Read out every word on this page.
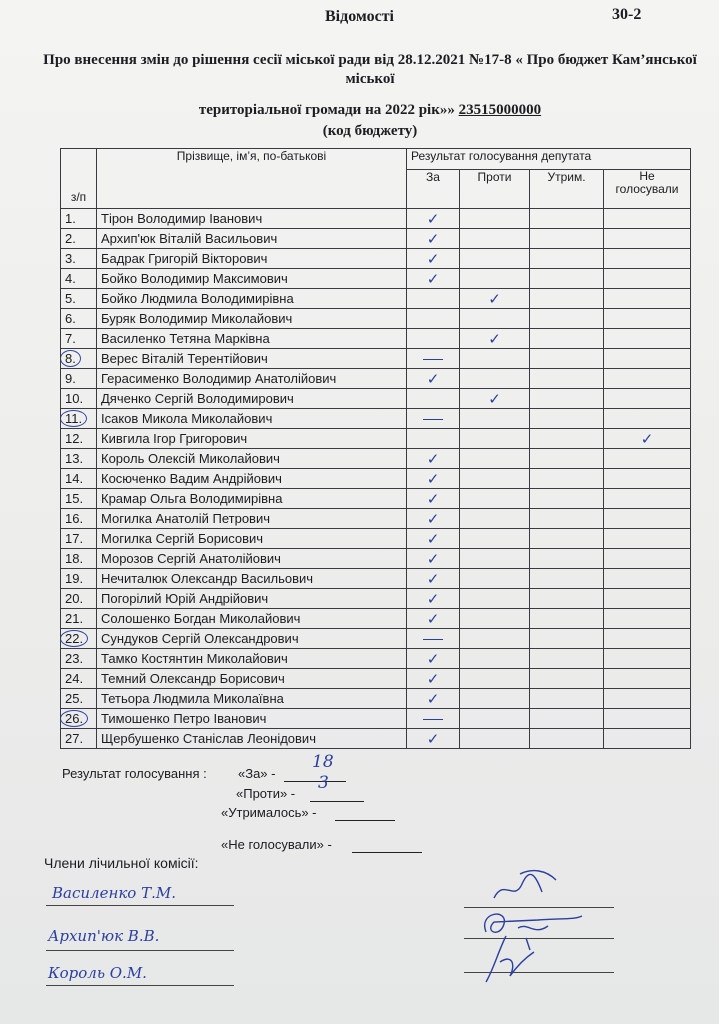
Відомості	30-2
Про внесення змін до рішення сесії міської ради від 28.12.2021 №17-8 « Про бюджет Кам’янської міської
територіальної громади на 2022 рік»» 23515000000
(код бюджету)
з/п	Прізвище, ім’я, по-батькові	Результат голосування депутата			
		За	Проти	Утрим.	Не голосували
1.	Тірон Володимир Іванович	✓			
2.	Архип'юк Віталій Васильович	✓			
3.	Бадрак Григорій Вікторович	✓			
4.	Бойко Володимир Максимович	✓			
5.	Бойко Людмила Володимирівна		✓		
6.	Буряк Володимир Миколайович				
7.	Василенко Тетяна Марківна		✓		
8.	Верес Віталій Терентійович				
9.	Герасименко Володимир Анатолійович	✓			
10.	Дяченко Сергій Володимирович		✓		
11.	Ісаков Микола Миколайович				
12.	Кивгила Ігор Григорович				✓
13.	Король Олексій Миколайович	✓			
14.	Косюченко Вадим Андрійович	✓			
15.	Крамар Ольга Володимирівна	✓			
16.	Могилка Анатолій Петрович	✓			
17.	Могилка Сергій Борисович	✓			
18.	Морозов Сергій Анатолійович	✓			
19.	Нечиталюк Олександр Васильович	✓			
20.	Погорілий Юрій Андрійович	✓			
21.	Солошенко Богдан Миколайович	✓			
22.	Сундуков Сергій Олександрович				
23.	Тамко Костянтин Миколайович	✓			
24.	Темний Олександр Борисович	✓			
25.	Тетьора Людмила Миколаївна	✓			
26.	Тимошенко Петро Іванович				
27.	Щербушенко Станіслав Леонідович	✓			
Результат голосування : «За» -

18
«Проти» -

3
«Утрималось» -

«Не голосували» -

Члени лічильної комісії:
Василенко Т.М.
Архип'юк В.В.
Король О.М.
